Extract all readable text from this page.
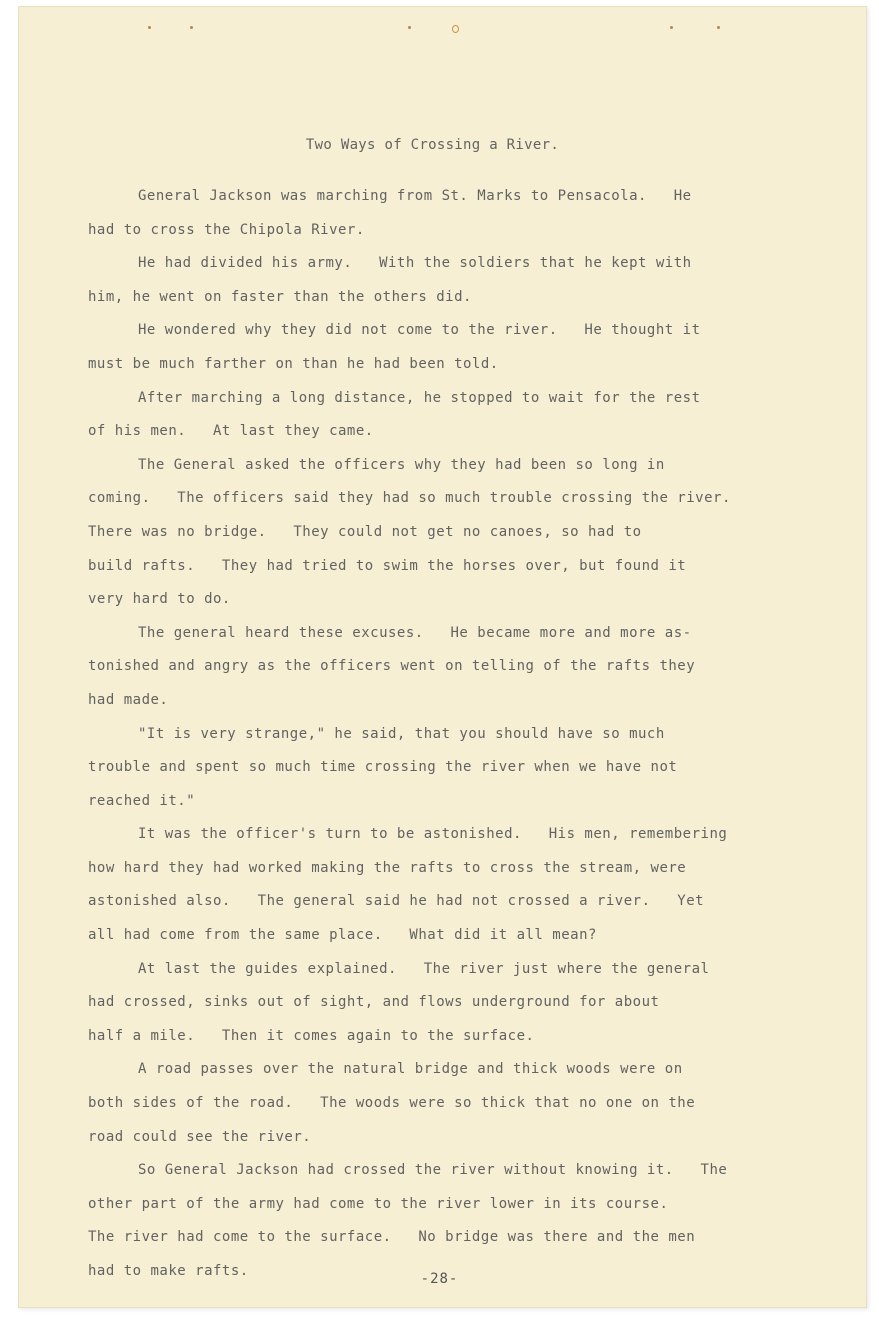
Two Ways of Crossing a River.
General Jackson was marching from St. Marks to Pensacola.   He
had to cross the Chipola River.
He had divided his army.   With the soldiers that he kept with
him, he went on faster than the others did.
He wondered why they did not come to the river.   He thought it
must be much farther on than he had been told.
After marching a long distance, he stopped to wait for the rest
of his men.   At last they came.
The General asked the officers why they had been so long in
coming.   The officers said they had so much trouble crossing the river.
There was no bridge.   They could not get no canoes, so had to
build rafts.   They had tried to swim the horses over, but found it
very hard to do.
The general heard these excuses.   He became more and more as-
tonished and angry as the officers went on telling of the rafts they
had made.
"It is very strange," he said, that you should have so much
trouble and spent so much time crossing the river when we have not
reached it."
It was the officer's turn to be astonished.   His men, remembering
how hard they had worked making the rafts to cross the stream, were
astonished also.   The general said he had not crossed a river.   Yet
all had come from the same place.   What did it all mean?
At last the guides explained.   The river just where the general
had crossed, sinks out of sight, and flows underground for about
half a mile.   Then it comes again to the surface.
A road passes over the natural bridge and thick woods were on
both sides of the road.   The woods were so thick that no one on the
road could see the river.
So General Jackson had crossed the river without knowing it.   The
other part of the army had come to the river lower in its course.
The river had come to the surface.   No bridge was there and the men
had to make rafts.	-28-
